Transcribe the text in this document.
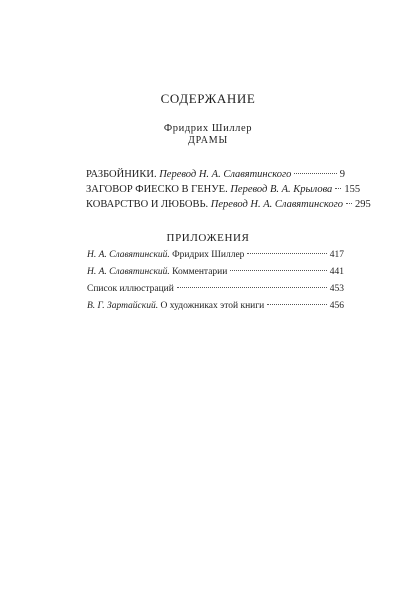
СОДЕРЖАНИЕ
Фридрих Шиллер
ДРАМЫ
РАЗБОЙНИКИ. Перевод Н. А. Славятинского	9
ЗАГОВОР ФИЕСКО В ГЕНУЕ. Перевод В. А. Крылова 155
КОВАРСТВО И ЛЮБОВЬ. Перевод Н. А. Славятинского 295
ПРИЛОЖЕНИЯ
Н. А. Славятинский. Фридрих Шиллер	417
Н. А. Славятинский. Комментарии	441
Список иллюстраций	453
В. Г. Зартайский. О художниках этой книги	456
